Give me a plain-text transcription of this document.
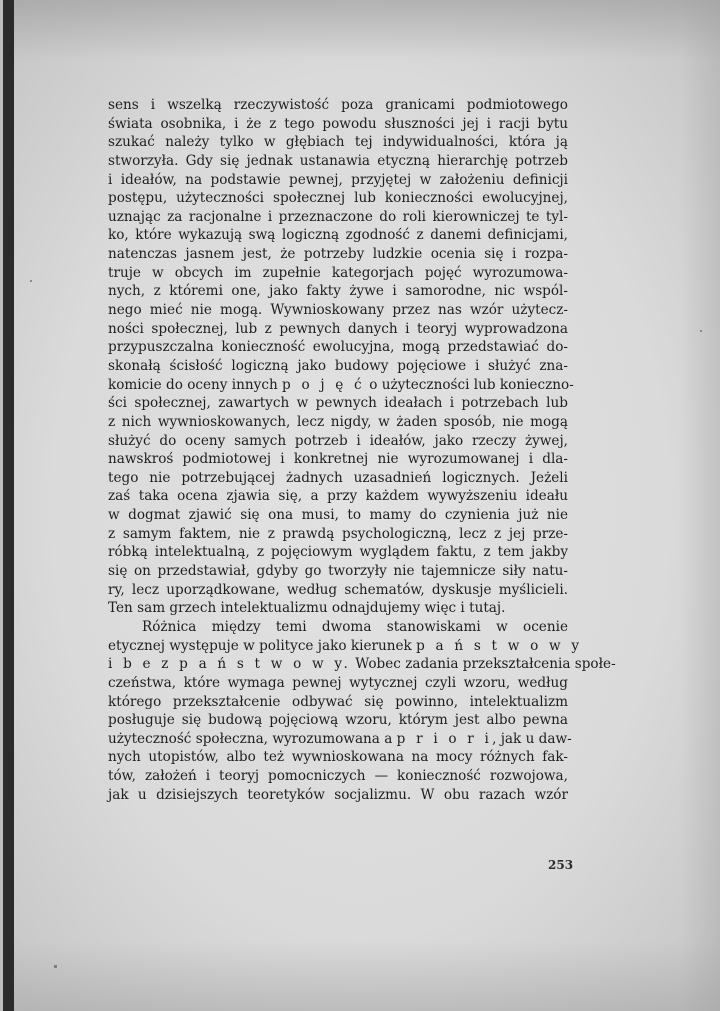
sens i wszelką rzeczywistość poza granicami podmiotowego
świata osobnika, i że z tego powodu słuszności jej i racji bytu
szukać należy tylko w głębiach tej indywidualności, która ją
stworzyła. Gdy się jednak ustanawia etyczną hierarchję potrzeb
i ideałów, na podstawie pewnej, przyjętej w założeniu definicji
postępu, użyteczności społecznej lub konieczności ewolucyjnej,
uznając za racjonalne i przeznaczone do roli kierowniczej te tyl-
ko, które wykazują swą logiczną zgodność z danemi definicjami,
natenczas jasnem jest, że potrzeby ludzkie ocenia się i rozpa-
truje w obcych im zupełnie kategorjach pojęć wyrozumowa-
nych, z któremi one, jako fakty żywe i samorodne, nic wspól-
nego mieć nie mogą. Wywnioskowany przez nas wzór użytecz-
ności społecznej, lub z pewnych danych i teoryj wyprowadzona
przypuszczalna konieczność ewolucyjna, mogą przedstawiać do-
skonałą ścisłość logiczną jako budowy pojęciowe i służyć zna-
komicie do oceny innych p o j ę ć o użyteczności lub konieczno-
ści społecznej, zawartych w pewnych ideałach i potrzebach lub
z nich wywnioskowanych, lecz nigdy, w żaden sposób, nie mogą
służyć do oceny samych potrzeb i ideałów, jako rzeczy żywej,
nawskroś podmiotowej i konkretnej nie wyrozumowanej i dla-
tego nie potrzebującej żadnych uzasadnień logicznych. Jeżeli
zaś taka ocena zjawia się, a przy każdem wywyższeniu ideału
w dogmat zjawić się ona musi, to mamy do czynienia już nie
z samym faktem, nie z prawdą psychologiczną, lecz z jej prze-
róbką intelektualną, z pojęciowym wyglądem faktu, z tem jakby
się on przedstawiał, gdyby go tworzyły nie tajemnicze siły natu-
ry, lecz uporządkowane, według schematów, dyskusje myślicieli.
Ten sam grzech intelektualizmu odnajdujemy więc i tutaj.
Różnica między temi dwoma stanowiskami w ocenie
etycznej występuje w polityce jako kierunek p a ń s t w o w y
i b e z p a ń s t w o w y. Wobec zadania przekształcenia społe-
czeństwa, które wymaga pewnej wytycznej czyli wzoru, według
którego przekształcenie odbywać się powinno, intelektualizm
posługuje się budową pojęciową wzoru, którym jest albo pewna
użyteczność społeczna, wyrozumowana a p r i o r i, jak u daw-
nych utopistów, albo też wywnioskowana na mocy różnych fak-
tów, założeń i teoryj pomocniczych — konieczność rozwojowa,
jak u dzisiejszych teoretyków socjalizmu. W obu razach wzór
253
